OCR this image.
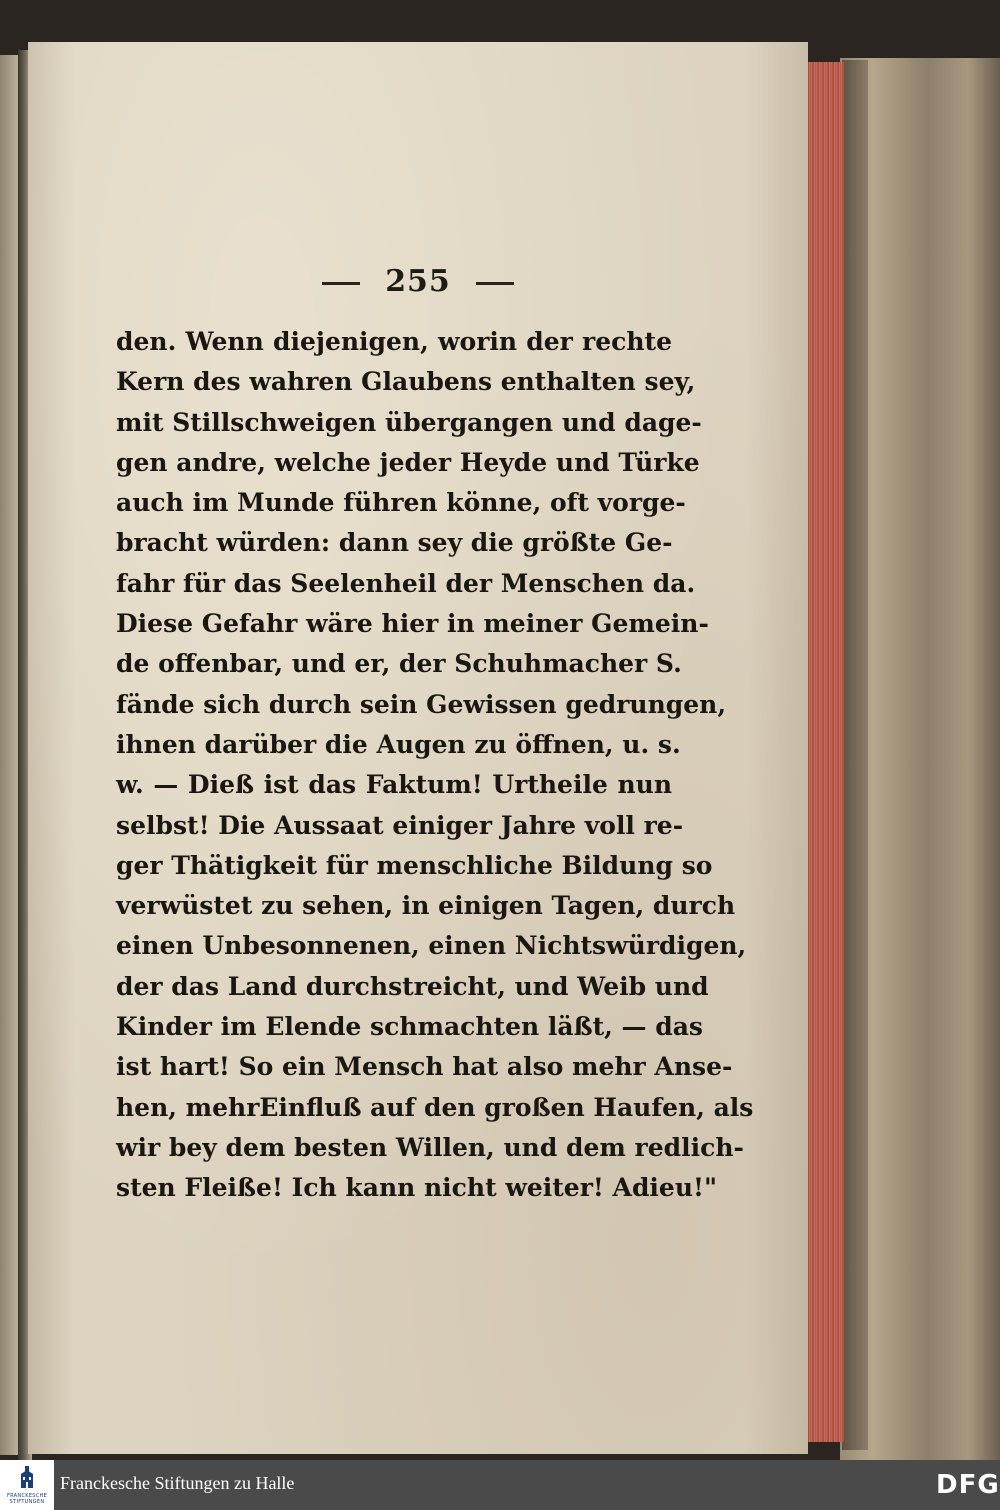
255
den. Wenn diejenigen, worin der rechte
Kern des wahren Glaubens enthalten sey,
mit Stillschweigen übergangen und dage-
gen andre, welche jeder Heyde und Türke
auch im Munde führen könne, oft vorge-
bracht würden: dann sey die größte Ge-
fahr für das Seelenheil der Menschen da.
Diese Gefahr wäre hier in meiner Gemein-
de offenbar, und er, der Schuhmacher S.
fände sich durch sein Gewissen gedrungen,
ihnen darüber die Augen zu öffnen, u. s.
w. — Dieß ist das Faktum! Urtheile nun
selbst! Die Aussaat einiger Jahre voll re-
ger Thätigkeit für menschliche Bildung so
verwüstet zu sehen, in einigen Tagen, durch
einen Unbesonnenen, einen Nichtswürdigen,
der das Land durchstreicht, und Weib und
Kinder im Elende schmachten läßt, — das
ist hart! So ein Mensch hat also mehr Anse-
hen, mehrEinfluß auf den großen Haufen, als
wir bey dem besten Willen, und dem redlich-
sten Fleiße! Ich kann nicht weiter! Adieu!"
FRANCKESCHE
STIFTUNGEN
Franckesche Stiftungen zu Halle	DFG
